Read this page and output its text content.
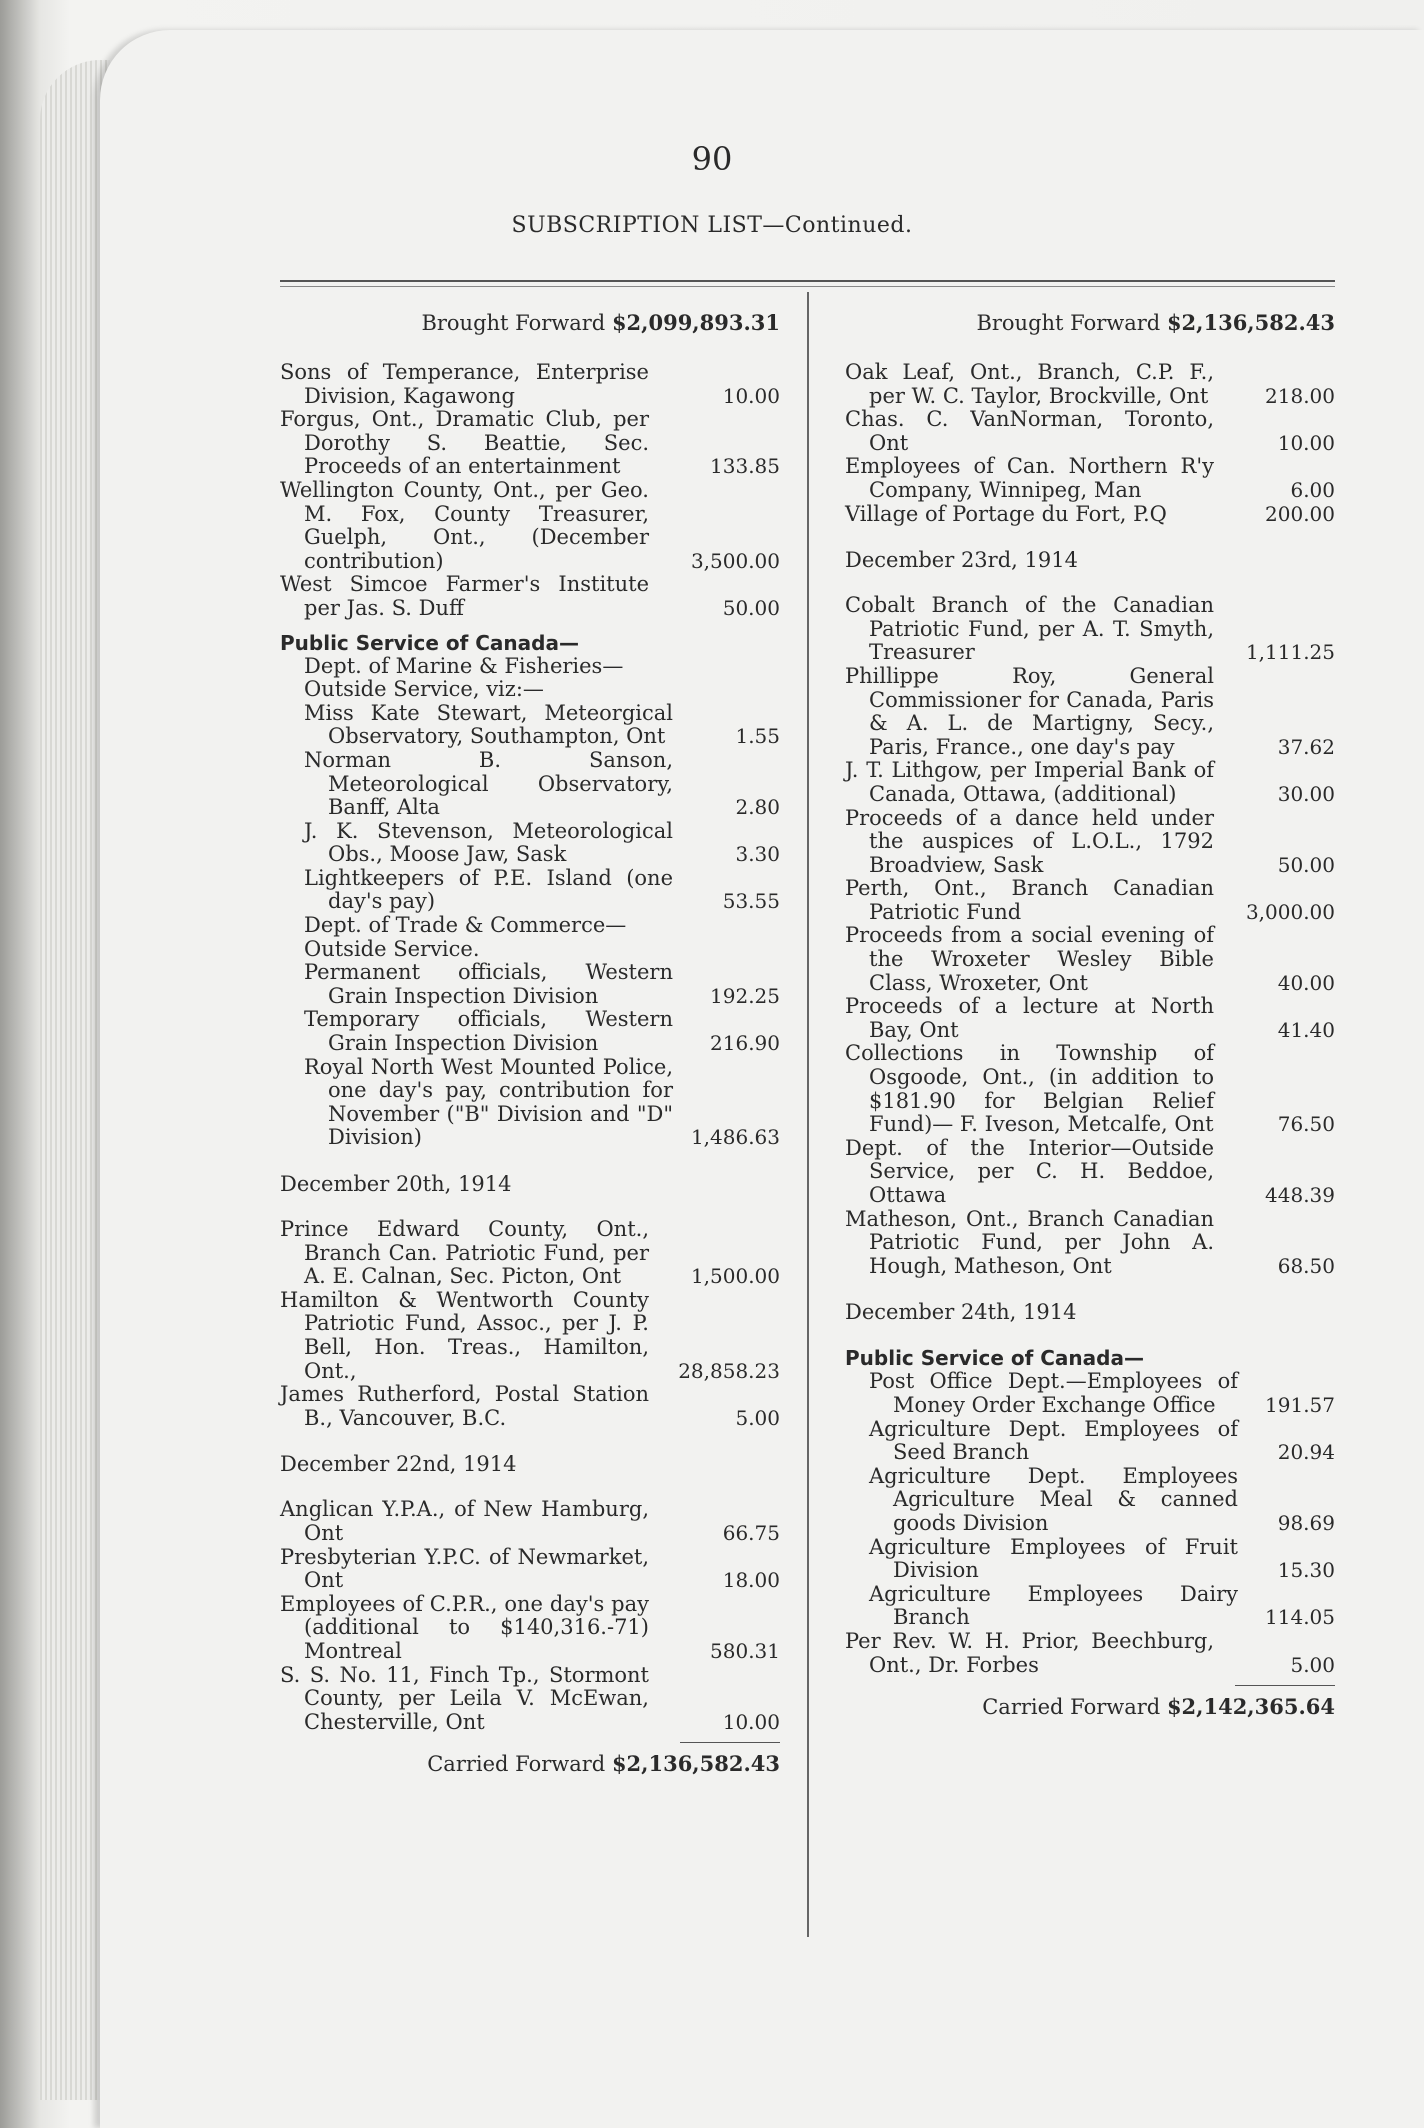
90
SUBSCRIPTION LIST—Continued.
Brought Forward $2,099,893.31
Sons of Temperance, Enterprise Division, Kagawong	10.00
Forgus, Ont., Dramatic Club, per Dorothy S. Beattie, Sec. Proceeds of an entertainment	133.85
Wellington County, Ont., per Geo. M. Fox, County Treasurer, Guelph, Ont., (December contribution)	3,500.00
West Simcoe Farmer's Institute per Jas. S. Duff	50.00
Public Service of Canada—
Dept. of Marine & Fisheries—
Outside Service, viz:—
Miss Kate Stewart, Meteorgical Observatory, Southampton, Ont	1.55
Norman B. Sanson, Meteorological Observatory, Banff, Alta	2.80
J. K. Stevenson, Meteorological Obs., Moose Jaw, Sask	3.30
Lightkeepers of P.E. Island (one day's pay)	53.55
Dept. of Trade & Commerce—
Outside Service.
Permanent officials, Western Grain Inspection Division	192.25
Temporary officials, Western Grain Inspection Division	216.90
Royal North West Mounted Police, one day's pay, contribution for November ("B" Division and "D" Division)	1,486.63
December 20th, 1914
Prince Edward County, Ont., Branch Can. Patriotic Fund, per A. E. Calnan, Sec. Picton, Ont	1,500.00
Hamilton & Wentworth County Patriotic Fund, Assoc., per J. P. Bell, Hon. Treas., Hamilton, Ont.,	28,858.23
James Rutherford, Postal Station B., Vancouver, B.C.	5.00
December 22nd, 1914
Anglican Y.P.A., of New Hamburg, Ont	66.75
Presbyterian Y.P.C. of Newmarket, Ont	18.00
Employees of C.P.R., one day's pay (additional to $140,316.-71) Montreal	580.31
S. S. No. 11, Finch Tp., Stormont County, per Leila V. McEwan, Chesterville, Ont	10.00
Carried Forward $2,136,582.43
Brought Forward $2,136,582.43
Oak Leaf, Ont., Branch, C.P. F., per W. C. Taylor, Brockville, Ont	218.00
Chas. C. VanNorman, Toronto, Ont	10.00
Employees of Can. Northern R'y Company, Winnipeg, Man	6.00
Village of Portage du Fort, P.Q	200.00
December 23rd, 1914
Cobalt Branch of the Canadian Patriotic Fund, per A. T. Smyth, Treasurer	1,111.25
Phillippe Roy, General Commissioner for Canada, Paris & A. L. de Martigny, Secy., Paris, France., one day's pay	37.62
J. T. Lithgow, per Imperial Bank of Canada, Ottawa, (additional)	30.00
Proceeds of a dance held under the auspices of L.O.L., 1792 Broadview, Sask	50.00
Perth, Ont., Branch Canadian Patriotic Fund	3,000.00
Proceeds from a social evening of the Wroxeter Wesley Bible Class, Wroxeter, Ont	40.00
Proceeds of a lecture at North Bay, Ont	41.40
Collections in Township of Osgoode, Ont., (in addition to $181.90 for Belgian Relief Fund)— F. Iveson, Metcalfe, Ont	76.50
Dept. of the Interior—Outside Service, per C. H. Beddoe, Ottawa	448.39
Matheson, Ont., Branch Canadian Patriotic Fund, per John A. Hough, Matheson, Ont	68.50
December 24th, 1914
Public Service of Canada—
Post Office Dept.—Employees of Money Order Exchange Office	191.57
Agriculture Dept. Employees of Seed Branch	20.94
Agriculture Dept. Employees Agriculture Meal & canned goods Division	98.69
Agriculture Employees of Fruit Division	15.30
Agriculture Employees Dairy Branch	114.05
Per Rev. W. H. Prior, Beechburg, Ont., Dr. Forbes	5.00
Carried Forward $2,142,365.64
